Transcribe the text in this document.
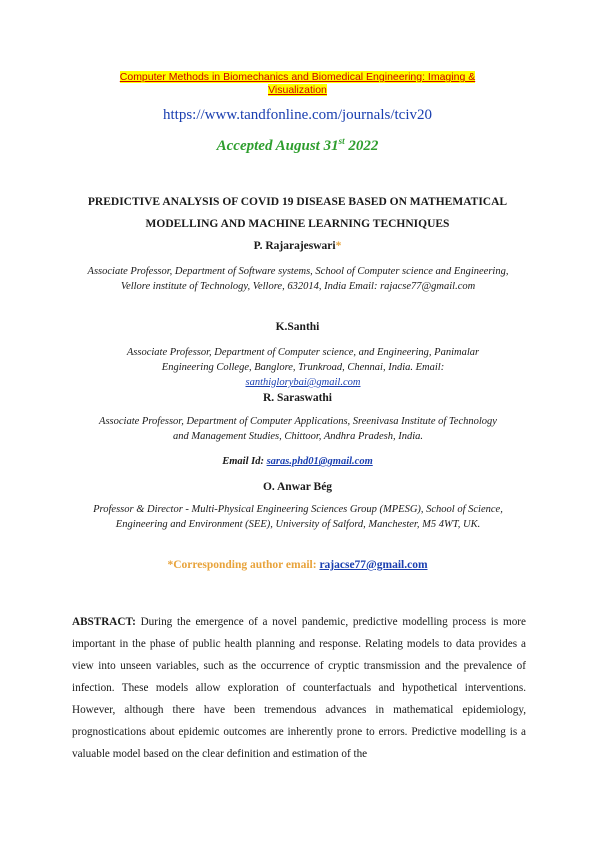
Computer Methods in Biomechanics and Biomedical Engineering: Imaging & Visualization
https://www.tandfonline.com/journals/tciv20
Accepted August 31st 2022
PREDICTIVE ANALYSIS OF COVID 19 DISEASE BASED ON MATHEMATICAL MODELLING AND MACHINE LEARNING TECHNIQUES
P. Rajarajeswari*
Associate Professor, Department of Software systems, School of Computer science and Engineering, Vellore institute of Technology, Vellore, 632014, India Email: rajacse77@gmail.com
K.Santhi
Associate Professor, Department of Computer science, and Engineering, Panimalar Engineering College, Banglore, Trunkroad, Chennai, India. Email: santhiglorybai@gmail.com
R. Saraswathi
Associate Professor, Department of Computer Applications, Sreenivasa Institute of Technology and Management Studies, Chittoor, Andhra Pradesh, India.
Email Id: saras.phd01@gmail.com
O. Anwar Bég
Professor & Director - Multi-Physical Engineering Sciences Group (MPESG), School of Science, Engineering and Environment (SEE), University of Salford, Manchester, M5 4WT, UK.
*Corresponding author email: rajacse77@gmail.com
ABSTRACT: During the emergence of a novel pandemic, predictive modelling process is more important in the phase of public health planning and response. Relating models to data provides a view into unseen variables, such as the occurrence of cryptic transmission and the prevalence of infection. These models allow exploration of counterfactuals and hypothetical interventions. However, although there have been tremendous advances in mathematical epidemiology, prognostications about epidemic outcomes are inherently prone to errors. Predictive modelling is a valuable model based on the clear definition and estimation of the
